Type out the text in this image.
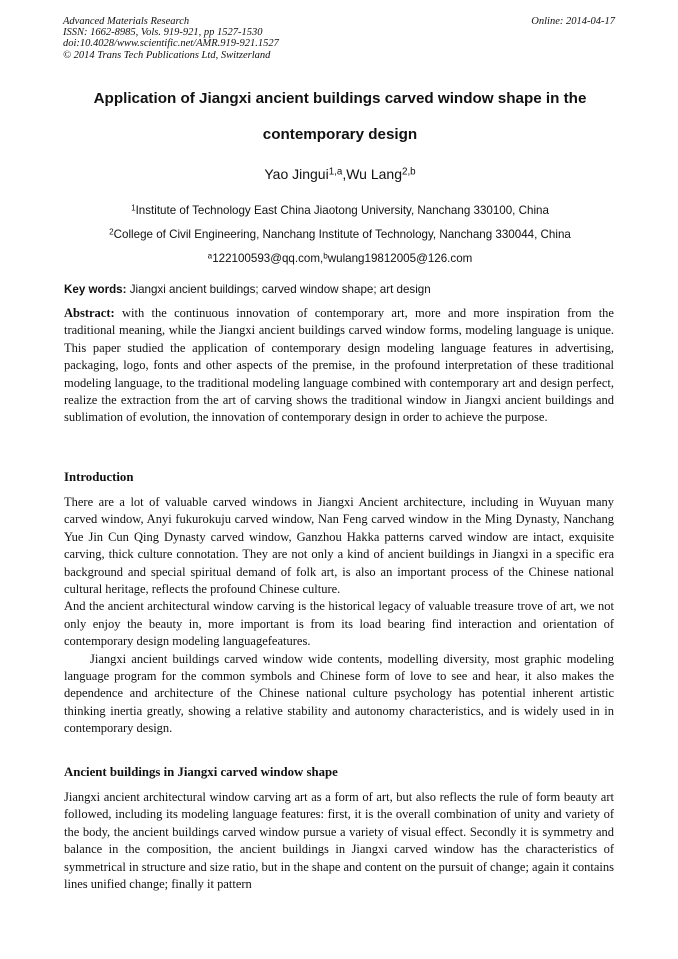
Advanced Materials Research
ISSN: 1662-8985, Vols. 919-921, pp 1527-1530
doi:10.4028/www.scientific.net/AMR.919-921.1527
© 2014 Trans Tech Publications Ltd, Switzerland
Online: 2014-04-17
Application of Jiangxi ancient buildings carved window shape in the
contemporary design
Yao Jingui$^{1,a}$,Wu Lang$^{2,b}$
$^1$Institute of Technology East China Jiaotong University, Nanchang 330100, China
$^2$College of Civil Engineering, Nanchang Institute of Technology, Nanchang 330044, China
$^a$122100593@qq.com,$^b$wulang19812005@126.com
Key words: Jiangxi ancient buildings; carved window shape; art design

Abstract: with the continuous innovation of contemporary art, more and more inspiration from the traditional meaning, while the Jiangxi ancient buildings carved window forms, modeling language is unique. This paper studied the application of contemporary design modeling language features in advertising, packaging, logo, fonts and other aspects of the premise, in the profound interpretation of these traditional modeling language, to the traditional modeling language combined with contemporary art and design perfect, realize the extraction from the art of carving shows the traditional window in Jiangxi ancient buildings and sublimation of evolution, the innovation of contemporary design in order to achieve the purpose.

Introduction

There are a lot of valuable carved windows in Jiangxi Ancient architecture, including in Wuyuan many carved window, Anyi fukurokuju carved window, Nan Feng carved window in the Ming Dynasty, Nanchang Yue Jin Cun Qing Dynasty carved window, Ganzhou Hakka patterns carved window are intact, exquisite carving, thick culture connotation. They are not only a kind of ancient buildings in Jiangxi in a specific era background and special spiritual demand of folk art, is also an important process of the Chinese national cultural heritage, reflects the profound Chinese culture.

And the ancient architectural window carving is the historical legacy of valuable treasure trove of art, we not only enjoy the beauty in, more important is from its load bearing find interaction and orientation of contemporary design modeling languagefeatures.

Jiangxi ancient buildings carved window wide contents, modelling diversity, most graphic modeling language program for the common symbols and Chinese form of love to see and hear, it also makes the dependence and architecture of the Chinese national culture psychology has potential inherent artistic thinking inertia greatly, showing a relative stability and autonomy characteristics, and is widely used in in contemporary design.

Ancient buildings in Jiangxi carved window shape

Jiangxi ancient architectural window carving art as a form of art, but also reflects the rule of form beauty art followed, including its modeling language features: first, it is the overall combination of unity and variety of the body, the ancient buildings carved window pursue a variety of visual effect. Secondly it is symmetry and balance in the composition, the ancient buildings in Jiangxi carved window has the characteristics of symmetrical in structure and size ratio, but in the shape and content on the pursuit of change; again it contains lines unified change; finally it pattern
